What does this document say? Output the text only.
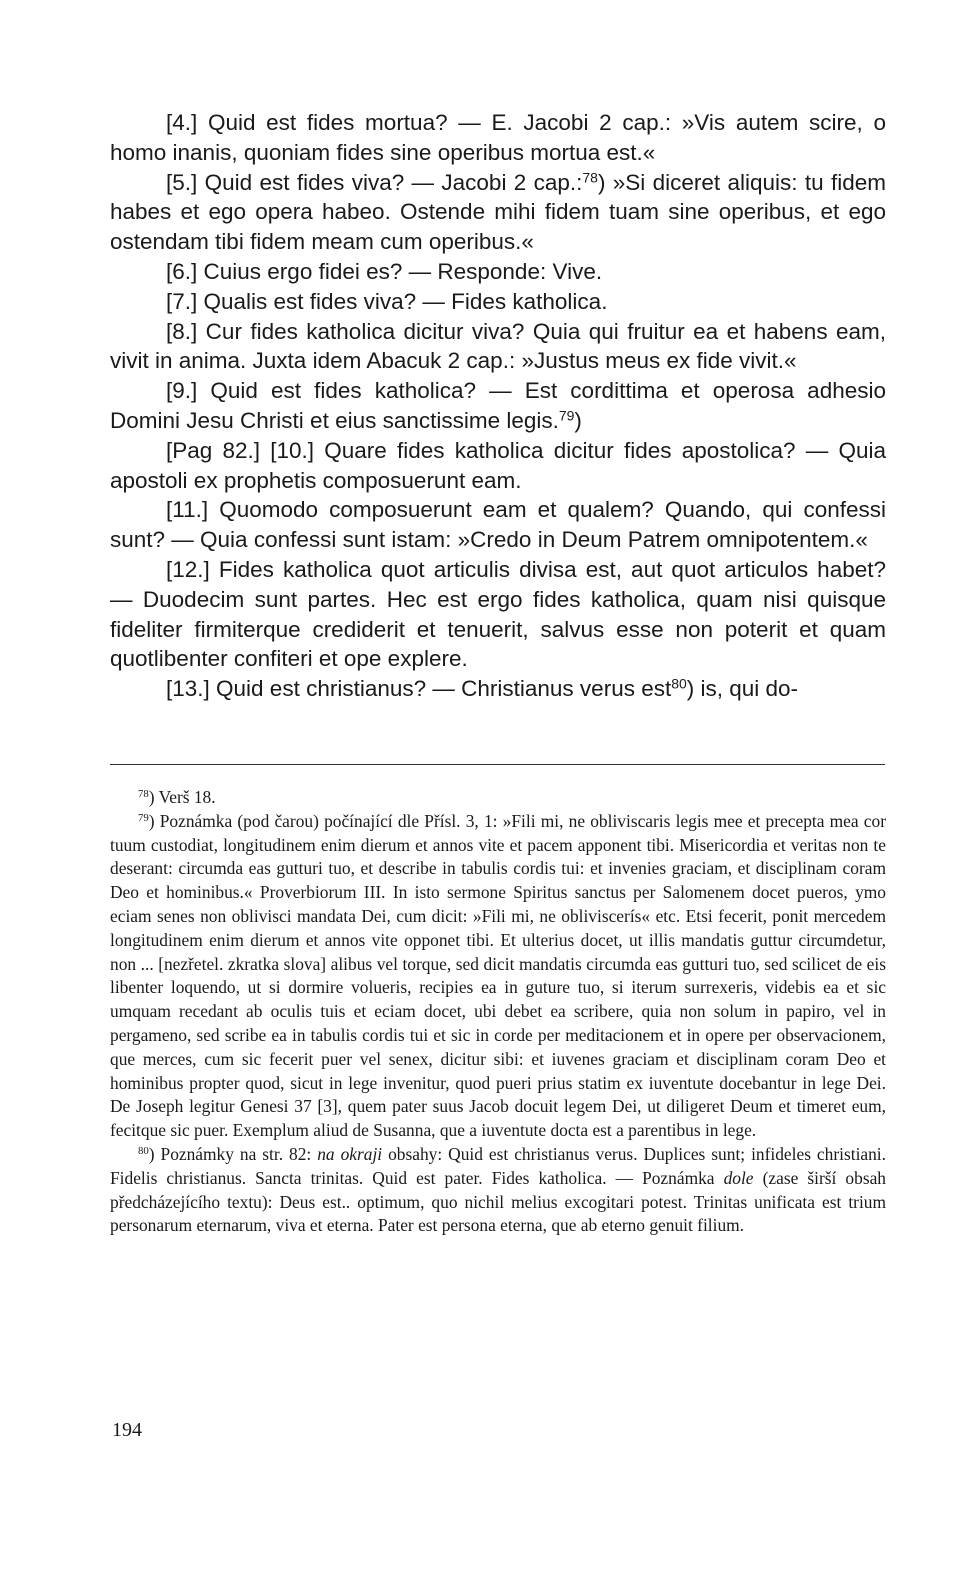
[4.] Quid est fides mortua? — E. Jacobi 2 cap.: »Vis autem scire, o homo inanis, quoniam fides sine operibus mortua est.«

[5.] Quid est fides viva? — Jacobi 2 cap.:$^{78}$) »Si diceret aliquis: tu fidem habes et ego opera habeo. Ostende mihi fidem tuam sine operibus, et ego ostendam tibi fidem meam cum operibus.«

[6.] Cuius ergo fidei es? — Responde: Vive.

[7.] Qualis est fides viva? — Fides katholica.

[8.] Cur fides katholica dicitur viva? Quia qui fruitur ea et habens eam, vivit in anima. Juxta idem Abacuk 2 cap.: »Justus meus ex fide vivit.«

[9.] Quid est fides katholica? — Est cordittima et operosa adhesio Domini Jesu Christi et eius sanctissime legis.$^{79}$)

[Pag 82.] [10.] Quare fides katholica dicitur fides apostolica? — Quia apostoli ex prophetis composuerunt eam.

[11.] Quomodo composuerunt eam et qualem? Quando, qui confessi sunt? — Quia confessi sunt istam: »Credo in Deum Patrem omnipotentem.«

[12.] Fides katholica quot articulis divisa est, aut quot articulos habet? — Duodecim sunt partes. Hec est ergo fides katholica, quam nisi quisque fideliter firmiterque crediderit et tenuerit, salvus esse non poterit et quam quotlibenter confiteri et ope explere.

[13.] Quid est christianus? — Christianus verus est$^{80}$) is, qui do-

$^{78}$) Verš 18.

$^{79}$) Poznámka (pod čarou) počínající dle Přísl. 3, 1: »Fili mi, ne obliviscaris legis mee et precepta mea cor tuum custodiat, longitudinem enim dierum et annos vite et pacem apponent tibi. Misericordia et veritas non te deserant: circumda eas gutturi tuo, et describe in tabulis cordis tui: et invenies graciam, et disciplinam coram Deo et hominibus.« Proverbiorum III. In isto sermone Spiritus sanctus per Salomenem docet pueros, ymo eciam senes non oblivisci mandata Dei, cum dicit: »Fili mi, ne obliviscerís« etc. Etsi fecerit, ponit mercedem longitudinem enim dierum et annos vite opponet tibi. Et ulterius docet, ut illis mandatis guttur circumdetur, non ... [nezřetel. zkratka slova] alibus vel torque, sed dicit mandatis circumda eas gutturi tuo, sed scilicet de eis libenter loquendo, ut si dormire volueris, recipies ea in guture tuo, si iterum surrexeris, videbis ea et sic umquam recedant ab oculis tuis et eciam docet, ubi debet ea scribere, quia non solum in papiro, vel in pergameno, sed scribe ea in tabulis cordis tui et sic in corde per meditacionem et in opere per observacionem, que merces, cum sic fecerit puer vel senex, dicitur sibi: et iuvenes graciam et disciplinam coram Deo et hominibus propter quod, sicut in lege invenitur, quod pueri prius statim ex iuventute docebantur in lege Dei. De Joseph legitur Genesi 37 [3], quem pater suus Jacob docuit legem Dei, ut diligeret Deum et timeret eum, fecitque sic puer. Exemplum aliud de Susanna, que a iuventute docta est a parentibus in lege.

$^{80}$) Poznámky na str. 82: na okraji obsahy: Quid est christianus verus. Duplices sunt; infideles christiani. Fidelis christianus. Sancta trinitas. Quid est pater. Fides katholica. — Poznámka dole (zase širší obsah předcházejícího textu): Deus est.. optimum, quo nichil melius excogitari potest. Trinitas unificata est trium personarum eternarum, viva et eterna. Pater est persona eterna, que ab eterno genuit filium.

194
